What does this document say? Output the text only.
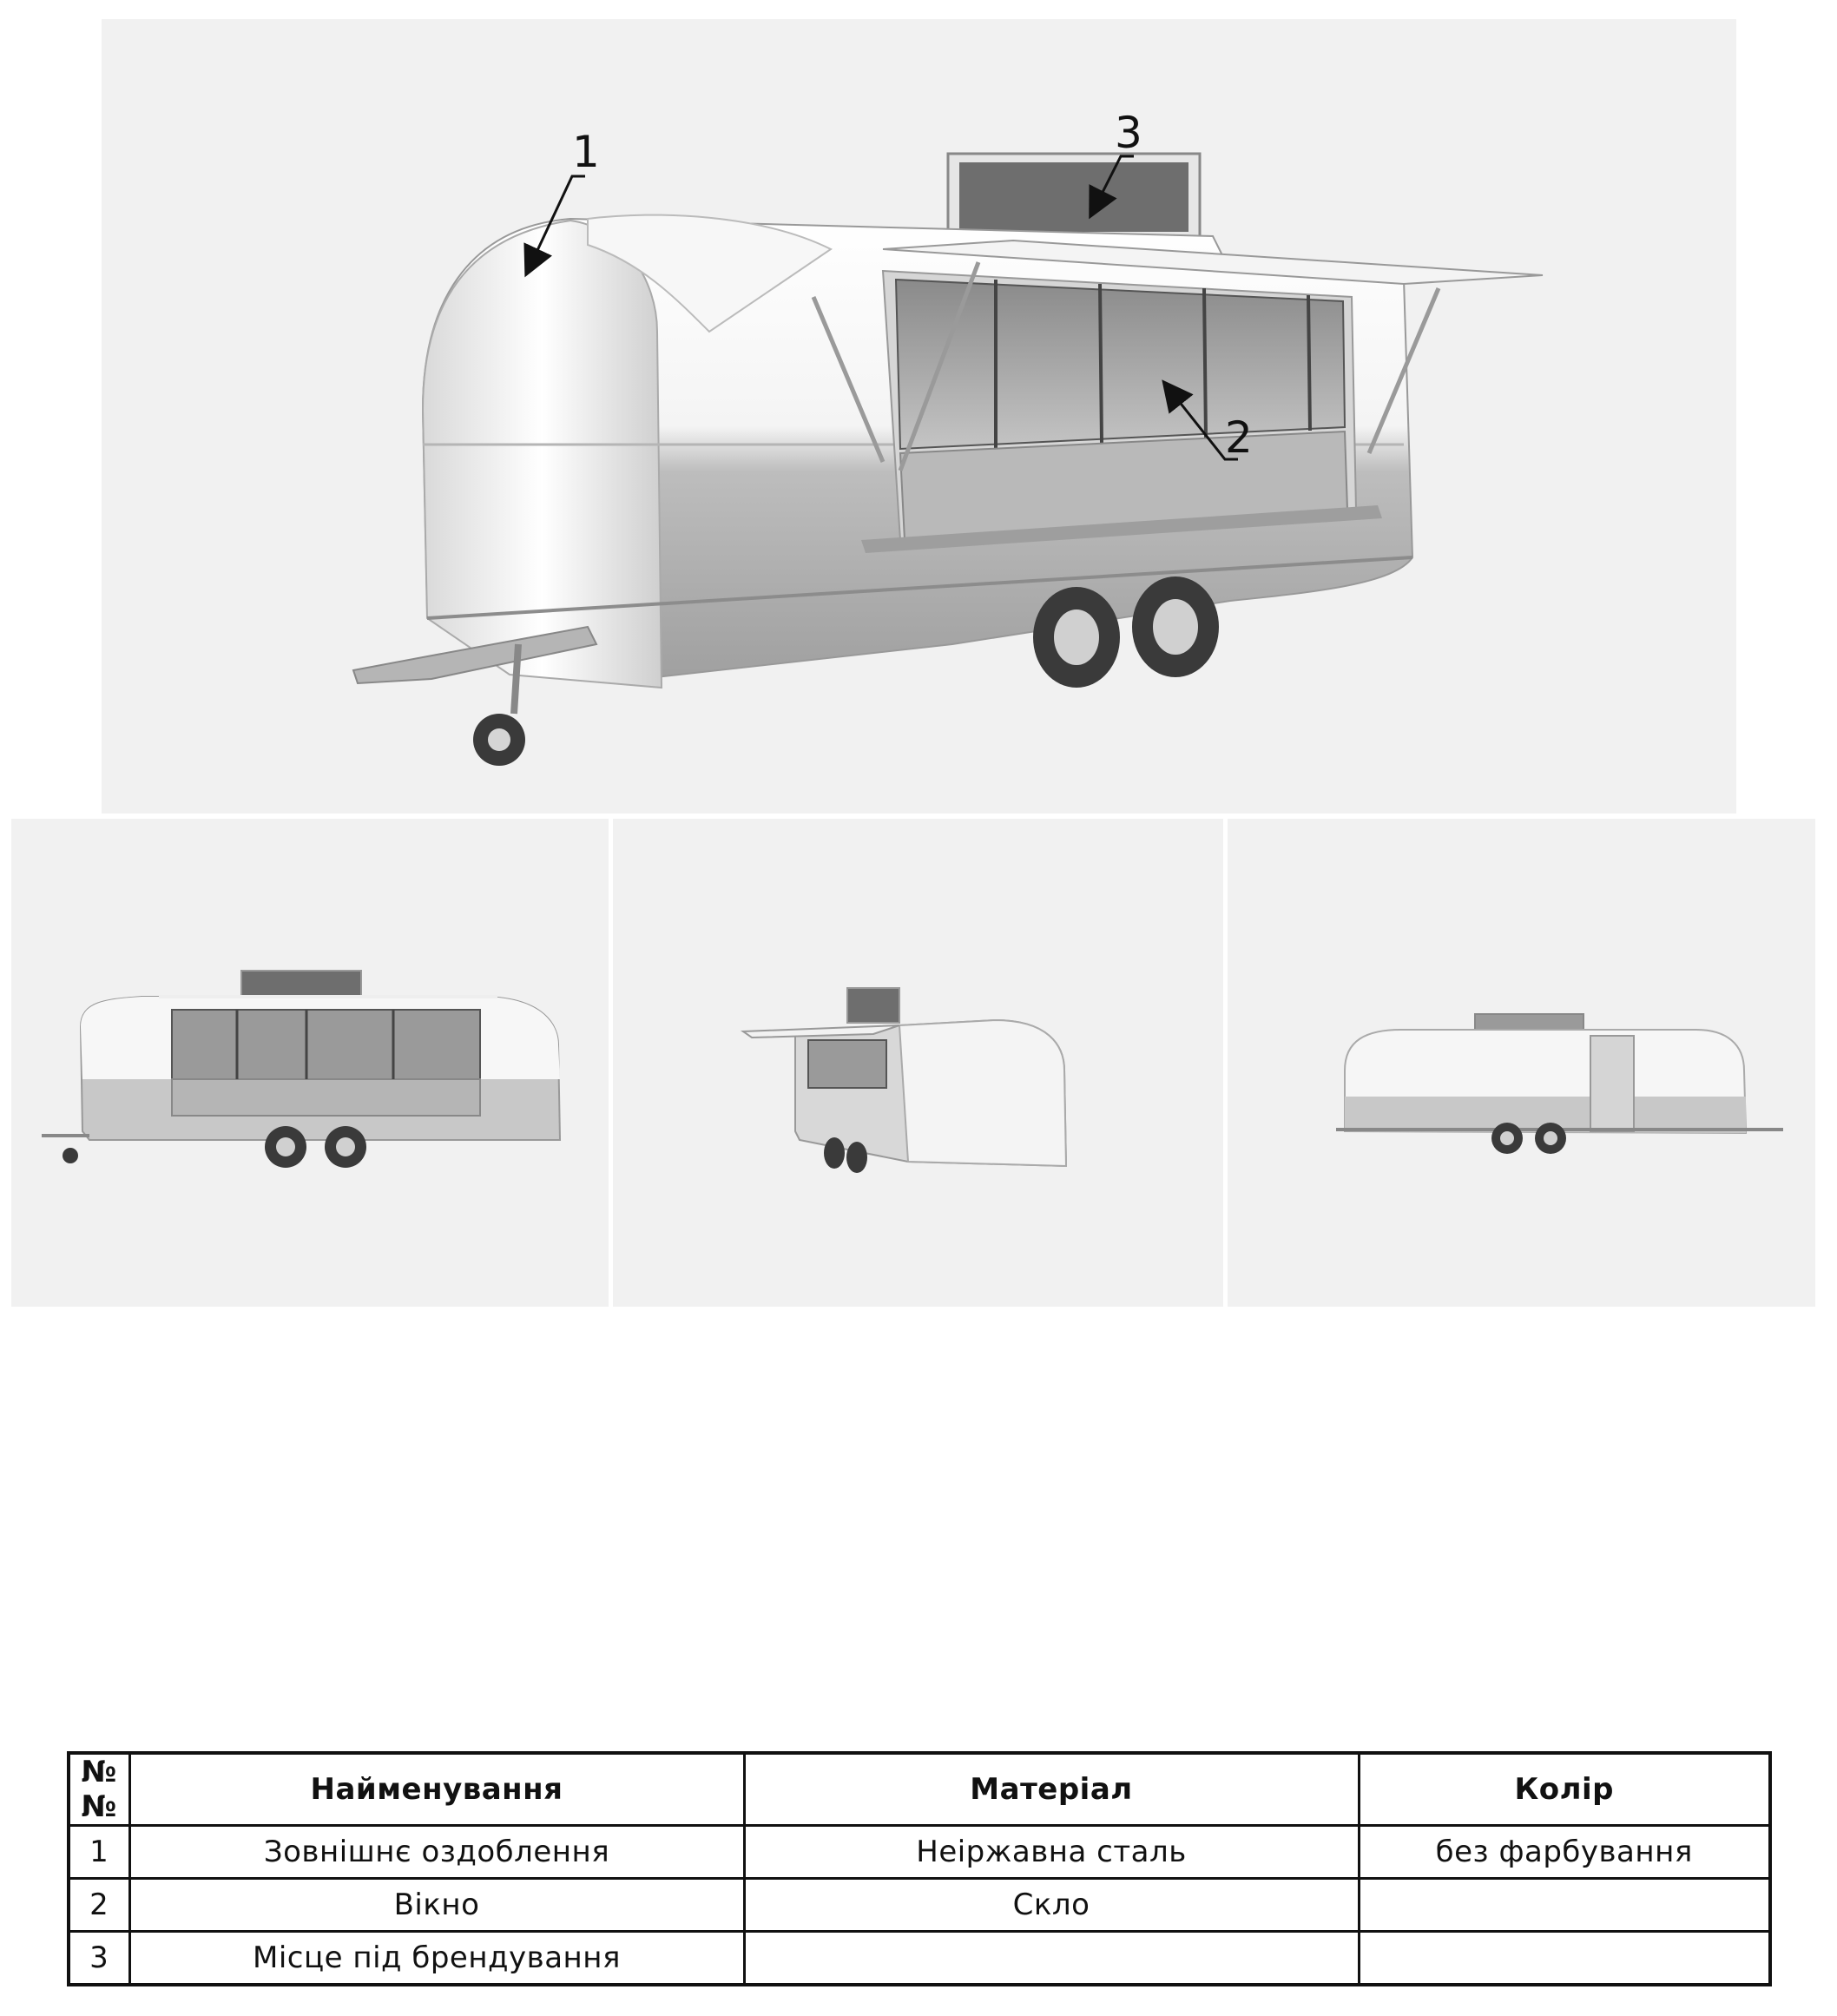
1
2
3
№№	Найменування	Матеріал	Колір
1	Зовнішнє оздоблення	Неіржавна сталь	без фарбування
2	Вікно	Скло	
3	Місце під брендування		
